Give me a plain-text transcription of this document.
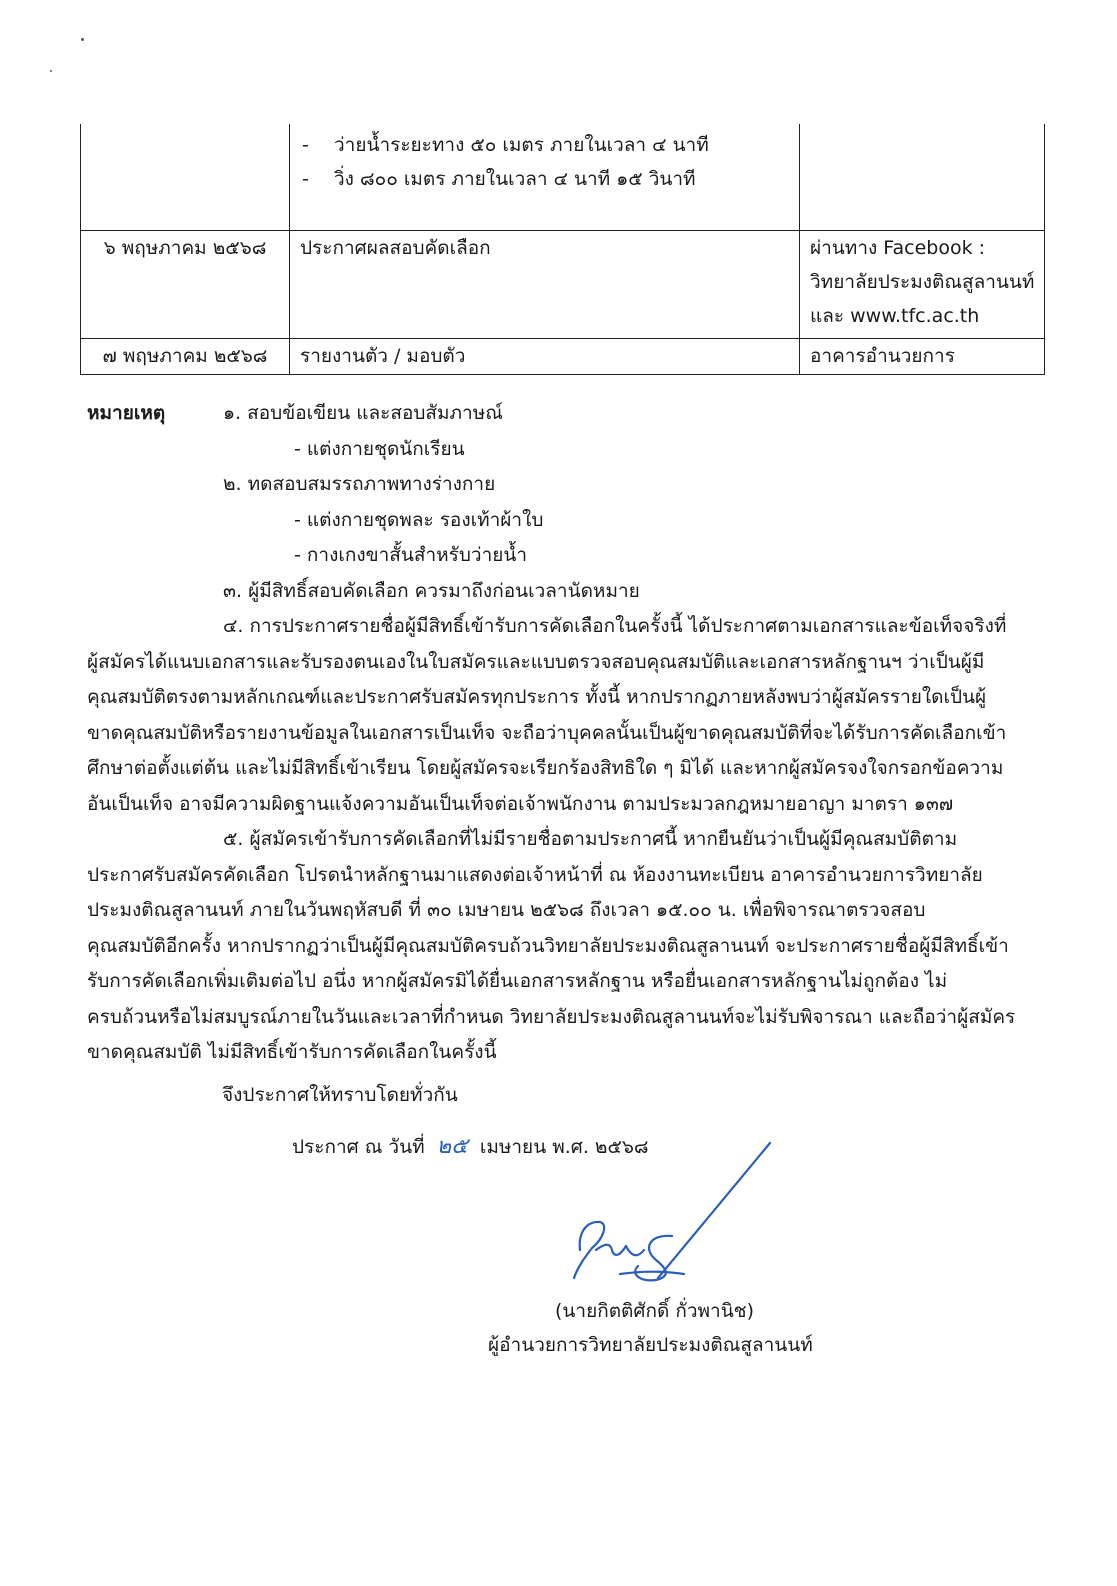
	- ว่ายน้ำระยะทาง ๕๐ เมตร ภายในเวลา ๔ นาที
- วิ่ง ๘๐๐ เมตร ภายในเวลา ๔ นาที ๑๕ วินาที	

๖ พฤษภาคม ๒๕๖๘	ประกาศผลสอบคัดเลือก	ผ่านทาง Facebook :
วิทยาลัยประมงติณสูลานนท์
และ www.tfc.ac.th

๗ พฤษภาคม ๒๕๖๘	รายงานตัว / มอบตัว	อาคารอำนวยการ
หมายเหตุ	๑. สอบข้อเขียน และสอบสัมภาษณ์
- แต่งกายชุดนักเรียน
๒. ทดสอบสมรรถภาพทางร่างกาย
- แต่งกายชุดพละ รองเท้าผ้าใบ
- กางเกงขาสั้นสำหรับว่ายน้ำ
๓. ผู้มีสิทธิ์สอบคัดเลือก ควรมาถึงก่อนเวลานัดหมาย
๔. การประกาศรายชื่อผู้มีสิทธิ์เข้ารับการคัดเลือกในครั้งนี้ ได้ประกาศตามเอกสารและข้อเท็จจริงที่
ผู้สมัครได้แนบเอกสารและรับรองตนเองในใบสมัครและแบบตรวจสอบคุณสมบัติและเอกสารหลักฐานฯ ว่าเป็นผู้มี
คุณสมบัติตรงตามหลักเกณฑ์และประกาศรับสมัครทุกประการ ทั้งนี้ หากปรากฏภายหลังพบว่าผู้สมัครรายใดเป็นผู้
ขาดคุณสมบัติหรือรายงานข้อมูลในเอกสารเป็นเท็จ จะถือว่าบุคคลนั้นเป็นผู้ขาดคุณสมบัติที่จะได้รับการคัดเลือกเข้า
ศึกษาต่อตั้งแต่ต้น และไม่มีสิทธิ์เข้าเรียน โดยผู้สมัครจะเรียกร้องสิทธิใด ๆ มิได้ และหากผู้สมัครจงใจกรอกข้อความ
อันเป็นเท็จ อาจมีความผิดฐานแจ้งความอันเป็นเท็จต่อเจ้าพนักงาน ตามประมวลกฎหมายอาญา มาตรา ๑๓๗
๕. ผู้สมัครเข้ารับการคัดเลือกที่ไม่มีรายชื่อตามประกาศนี้ หากยืนยันว่าเป็นผู้มีคุณสมบัติตาม
ประกาศรับสมัครคัดเลือก โปรดนำหลักฐานมาแสดงต่อเจ้าหน้าที่ ณ ห้องงานทะเบียน อาคารอำนวยการวิทยาลัย
ประมงติณสูลานนท์ ภายในวันพฤหัสบดี ที่ ๓๐ เมษายน ๒๕๖๘ ถึงเวลา ๑๕.๐๐ น. เพื่อพิจารณาตรวจสอบ
คุณสมบัติอีกครั้ง หากปรากฏว่าเป็นผู้มีคุณสมบัติครบถ้วนวิทยาลัยประมงติณสูลานนท์ จะประกาศรายชื่อผู้มีสิทธิ์เข้า
รับการคัดเลือกเพิ่มเติมต่อไป อนึ่ง หากผู้สมัครมิได้ยื่นเอกสารหลักฐาน หรือยื่นเอกสารหลักฐานไม่ถูกต้อง ไม่
ครบถ้วนหรือไม่สมบูรณ์ภายในวันและเวลาที่กำหนด วิทยาลัยประมงติณสูลานนท์จะไม่รับพิจารณา และถือว่าผู้สมัคร
ขาดคุณสมบัติ ไม่มีสิทธิ์เข้ารับการคัดเลือกในครั้งนี้
จึงประกาศให้ทราบโดยทั่วกัน
ประกาศ ณ วันที่ ๒๕ เมษายน พ.ศ. ๒๕๖๘
(นายกิตติศักดิ์ กั่วพานิช)
ผู้อำนวยการวิทยาลัยประมงติณสูลานนท์
